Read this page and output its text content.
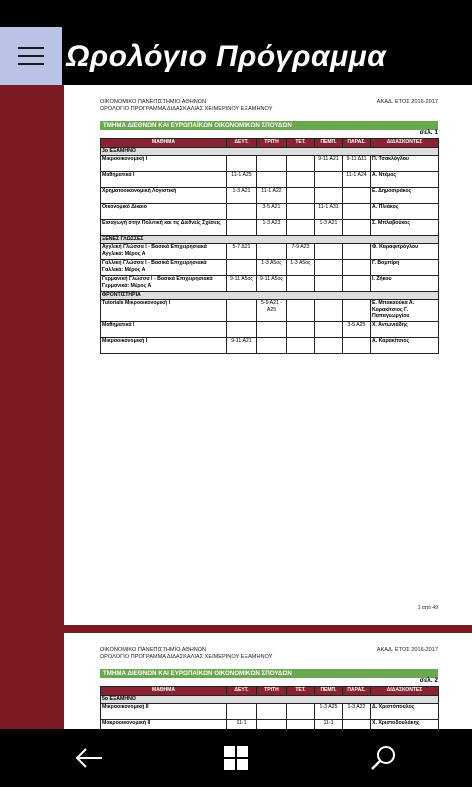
Ωρολόγιο Πρόγραμμα
ΟΙΚΟΝΟΜΙΚΟ ΠΑΝΕΠΙΣΤΗΜΙΟ ΑΘΗΝΩΝ
ΩΡΟΛΟΓΙΟ ΠΡΟΓΡΑΜΜΑ ΔΙΔΑΣΚΑΛΙΑΣ ΧΕΙΜΕΡΙΝΟΥ ΕΞΑΜΗΝΟΥ
ΑΚΑΔ. ΕΤΟΣ 2016-2017
ΤΜΗΜΑ ΔΙΕΘΝΩΝ ΚΑΙ ΕΥΡΩΠΑΪΚΩΝ ΟΙΚΟΝΟΜΙΚΩΝ ΣΠΟΥΔΩΝ
σελ. 1
ΜΑΘΗΜΑ	ΔΕΥΤ.	ΤΡΙΤΗ	ΤΕΤ.	ΠΕΜΠ.	ΠΑΡΑΣ.	ΔΙΔΑΣΚΟΝΤΕΣ
3ο ΕΞΑΜΗΝΟ						
Μικροοικονομική Ι				9-11 Α21	9-11 Δ11	Π. Τσακλόγλου
Μαθηματικά Ι	11-1 Α25				11-1 Α24	Α. Ντέμος
Χρηματοοικονομική Λογιστική	1-3 Α21	11-1 Α22				Ε. Δημοσιράκος
Οικονομικό Δίκαιο		3-5 Α21		11-1 Α31		Α. Πλιάκος
Εισαγωγή στην Πολιτική και τις Διεθνείς Σχέσεις		1-3 Α23		1-3 Α21		Σ. Μπλαβούκος
ΞΕΝΕΣ ΓΛΩΣΣΕΣ						
Αγγλική Γλώσσα Ι - Βασικά Επιχειρησιακά Αγγλικά: Μέρος Α	5-7 Δ21		7-9 Α23			Φ. Καραφιτρόγλου
Γαλλική Γλώσσα Ι - Βασικά Επιχειρησιακά Γαλλικά: Μέρος Α		1-3 Α5ος	1-3 Α5ος			Γ. Βομπίρη
Γερμανική Γλώσσα Ι - Βασικά Επιχειρησιακά Γερμανικά: Μέρος Α	9-11 Α5ος	9-11 Α5ος				Ι. Ζήκου
ΦΡΟΝΤΙΣΤΗΡΙΑ						
Tutorials Μικροοικονομική Ι		5-9 Α21 - Α25				Ε. Μπακαούκα Α. Καρακίτσιος Γ. Παπαγεωργίου
Μαθηματικά Ι					3-5 Α25	Χ. Αντωνιάδης
Μικροοικονομική Ι	9-11 Α21					Α. Καρακίτσιος
1 από 49
ΟΙΚΟΝΟΜΙΚΟ ΠΑΝΕΠΙΣΤΗΜΙΟ ΑΘΗΝΩΝ
ΩΡΟΛΟΓΙΟ ΠΡΟΓΡΑΜΜΑ ΔΙΔΑΣΚΑΛΙΑΣ ΧΕΙΜΕΡΙΝΟΥ ΕΞΑΜΗΝΟΥ
ΑΚΑΔ. ΕΤΟΣ 2016-2017
ΤΜΗΜΑ ΔΙΕΘΝΩΝ ΚΑΙ ΕΥΡΩΠΑΪΚΩΝ ΟΙΚΟΝΟΜΙΚΩΝ ΣΠΟΥΔΩΝ
σελ. 2
ΜΑΘΗΜΑ	ΔΕΥΤ.	ΤΡΙΤΗ	ΤΕΤ.	ΠΕΜΠ.	ΠΑΡΑΣ.	ΔΙΔΑΣΚΟΝΤΕΣ
5ο ΕΞΑΜΗΝΟ						
Μικροοικονομική ΙΙ				1-3 Α25	1-3 Α22	Δ. Χριστόπουλος
Μακροοικονομική ΙΙ	11-1			11-1		Χ. Χριστοδουλάκης
